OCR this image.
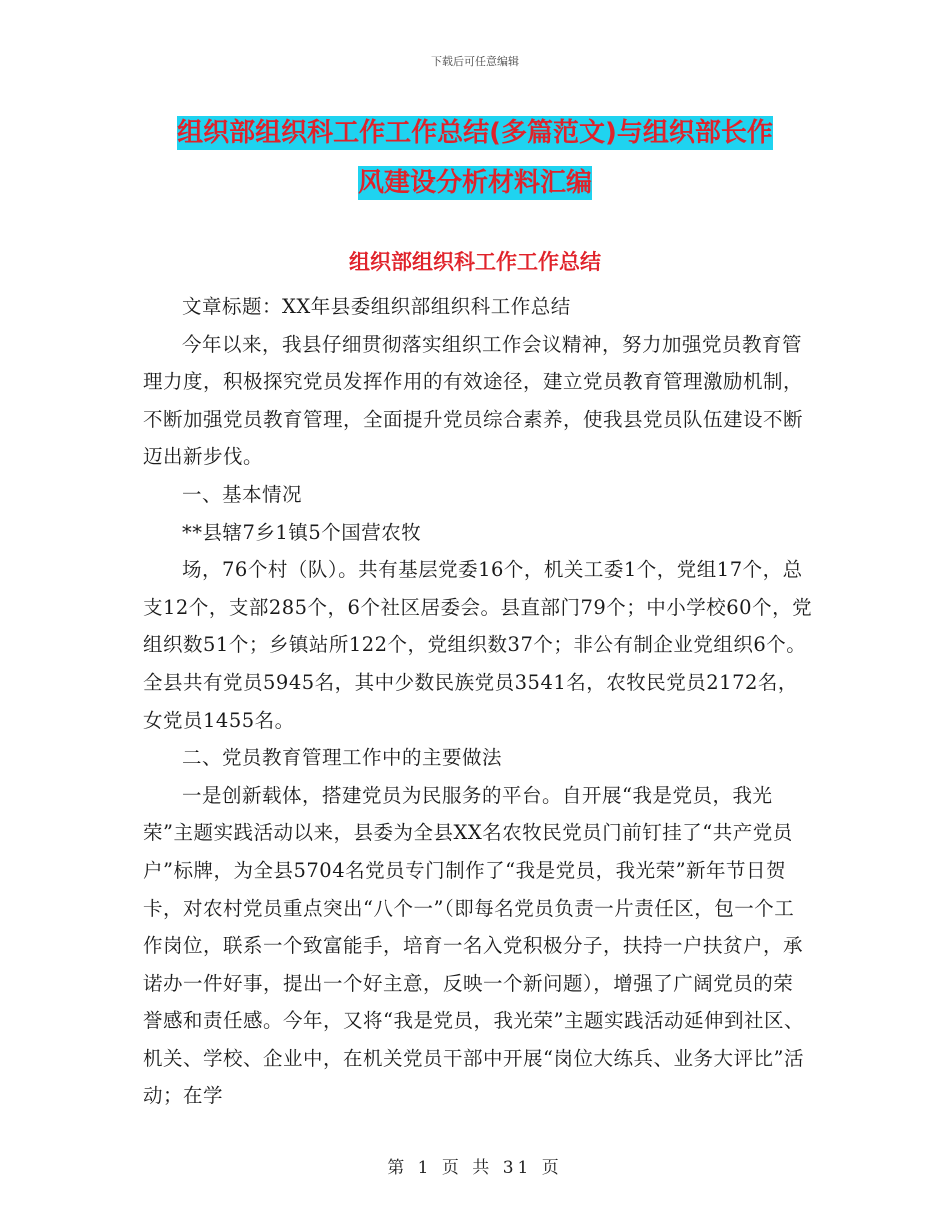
下载后可任意编辑
组织部组织科工作工作总结(多篇范文)与组织部长作
风建设分析材料汇编
组织部组织科工作工作总结

文章标题：XX年县委组织部组织科工作总结

今年以来，我县仔细贯彻落实组织工作会议精神，努力加强党员教育管理力度，积极探究党员发挥作用的有效途径，建立党员教育管理激励机制，不断加强党员教育管理，全面提升党员综合素养，使我县党员队伍建设不断迈出新步伐。

一、基本情况

**县辖7乡1镇5个国营农牧

场，76个村（队）。共有基层党委16个，机关工委1个，党组17个，总支12个，支部285个，6个社区居委会。县直部门79个；中小学校60个，党组织数51个；乡镇站所122个，党组织数37个；非公有制企业党组织6个。全县共有党员5945名，其中少数民族党员3541名，农牧民党员2172名，女党员1455名。

二、党员教育管理工作中的主要做法

一是创新载体，搭建党员为民服务的平台。自开展“我是党员，我光荣”主题实践活动以来，县委为全县XX名农牧民党员门前钉挂了“共产党员户”标牌，为全县5704名党员专门制作了“我是党员，我光荣”新年节日贺卡，对农村党员重点突出“八个一”（即每名党员负责一片责任区，包一个工作岗位，联系一个致富能手，培育一名入党积极分子，扶持一户扶贫户，承诺办一件好事，提出一个好主意，反映一个新问题），增强了广阔党员的荣誉感和责任感。今年，又将“我是党员，我光荣”主题实践活动延伸到社区、机关、学校、企业中，在机关党员干部中开展“岗位大练兵、业务大评比”活动；在学

第 1 页 共 31 页
